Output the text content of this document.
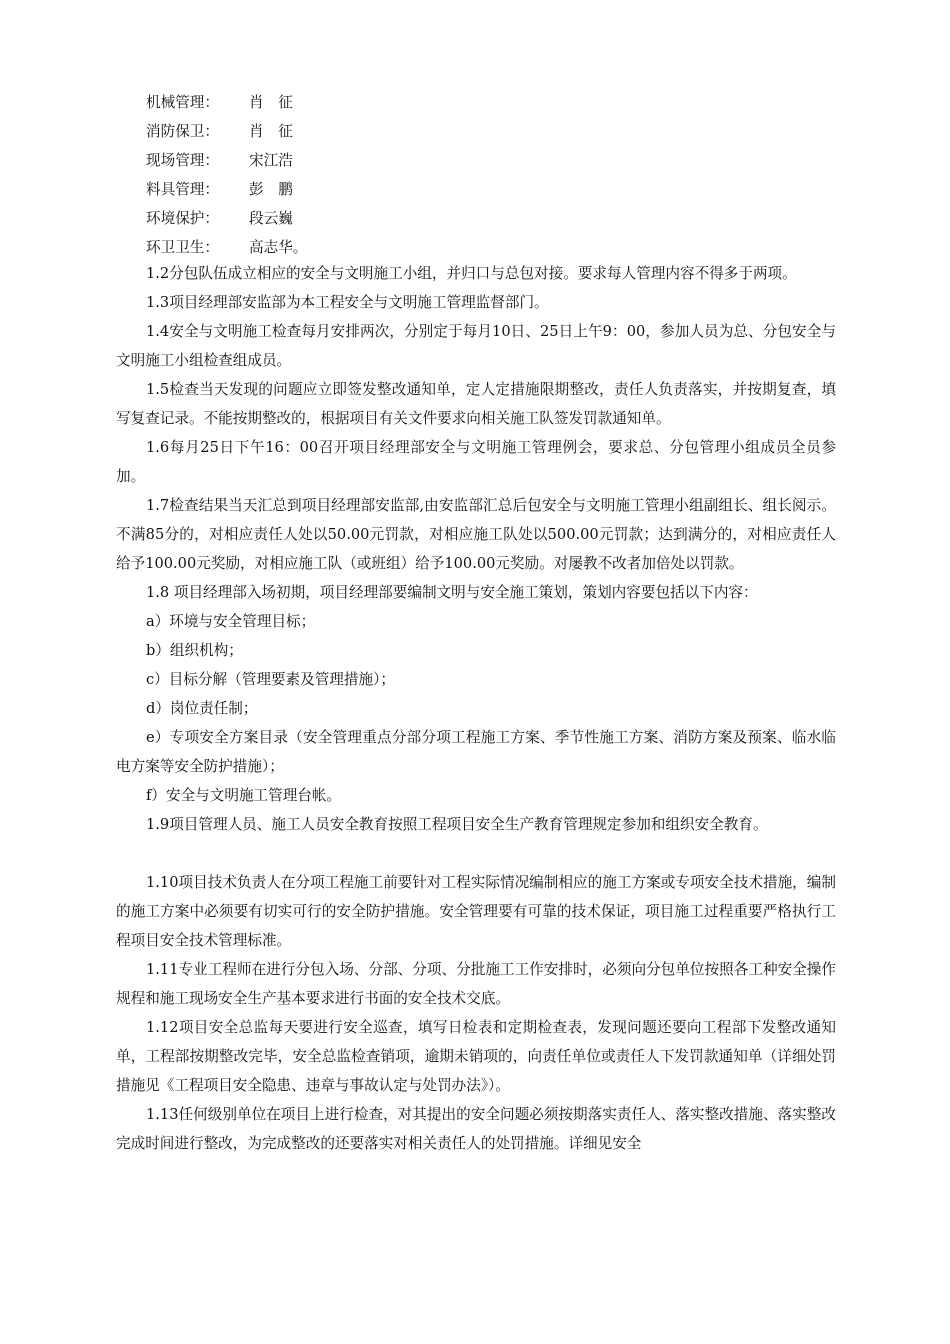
机械管理： 肖　征
消防保卫： 肖　征
现场管理： 宋江浩
料具管理： 彭　鹏
环境保护： 段云巍
环卫卫生： 高志华。

1.2分包队伍成立相应的安全与文明施工小组，并归口与总包对接。要求每人管理内容不得多于两项。

1.3项目经理部安监部为本工程安全与文明施工管理监督部门。

1.4安全与文明施工检查每月安排两次，分别定于每月10日、25日上午9：00，参加人员为总、分包安全与文明施工小组检查组成员。

1.5检查当天发现的问题应立即签发整改通知单，定人定措施限期整改，责任人负责落实，并按期复查，填写复查记录。不能按期整改的，根据项目有关文件要求向相关施工队签发罚款通知单。

1.6每月25日下午16：00召开项目经理部安全与文明施工管理例会，要求总、分包管理小组成员全员参加。

1.7检查结果当天汇总到项目经理部安监部,由安监部汇总后包安全与文明施工管理小组副组长、组长阅示。不满85分的，对相应责任人处以50.00元罚款，对相应施工队处以500.00元罚款；达到满分的，对相应责任人给予100.00元奖励，对相应施工队（或班组）给予100.00元奖励。对屡教不改者加倍处以罚款。

1.8 项目经理部入场初期，项目经理部要编制文明与安全施工策划，策划内容要包括以下内容：

a）环境与安全管理目标；

b）组织机构；

c）目标分解（管理要素及管理措施）；

d）岗位责任制；

e）专项安全方案目录（安全管理重点分部分项工程施工方案、季节性施工方案、消防方案及预案、临水临电方案等安全防护措施）；

f）安全与文明施工管理台帐。

1.9项目管理人员、施工人员安全教育按照工程项目安全生产教育管理规定参加和组织安全教育。

1.10项目技术负责人在分项工程施工前要针对工程实际情况编制相应的施工方案或专项安全技术措施，编制的施工方案中必须要有切实可行的安全防护措施。安全管理要有可靠的技术保证，项目施工过程重要严格执行工程项目安全技术管理标准。

1.11专业工程师在进行分包入场、分部、分项、分批施工工作安排时，必须向分包单位按照各工种安全操作规程和施工现场安全生产基本要求进行书面的安全技术交底。

1.12项目安全总监每天要进行安全巡查，填写日检表和定期检查表，发现问题还要向工程部下发整改通知单，工程部按期整改完毕，安全总监检查销项，逾期未销项的，向责任单位或责任人下发罚款通知单（详细处罚措施见《工程项目安全隐患、违章与事故认定与处罚办法》）。

1.13任何级别单位在项目上进行检查，对其提出的安全问题必须按期落实责任人、落实整改措施、落实整改完成时间进行整改，为完成整改的还要落实对相关责任人的处罚措施。详细见安全
